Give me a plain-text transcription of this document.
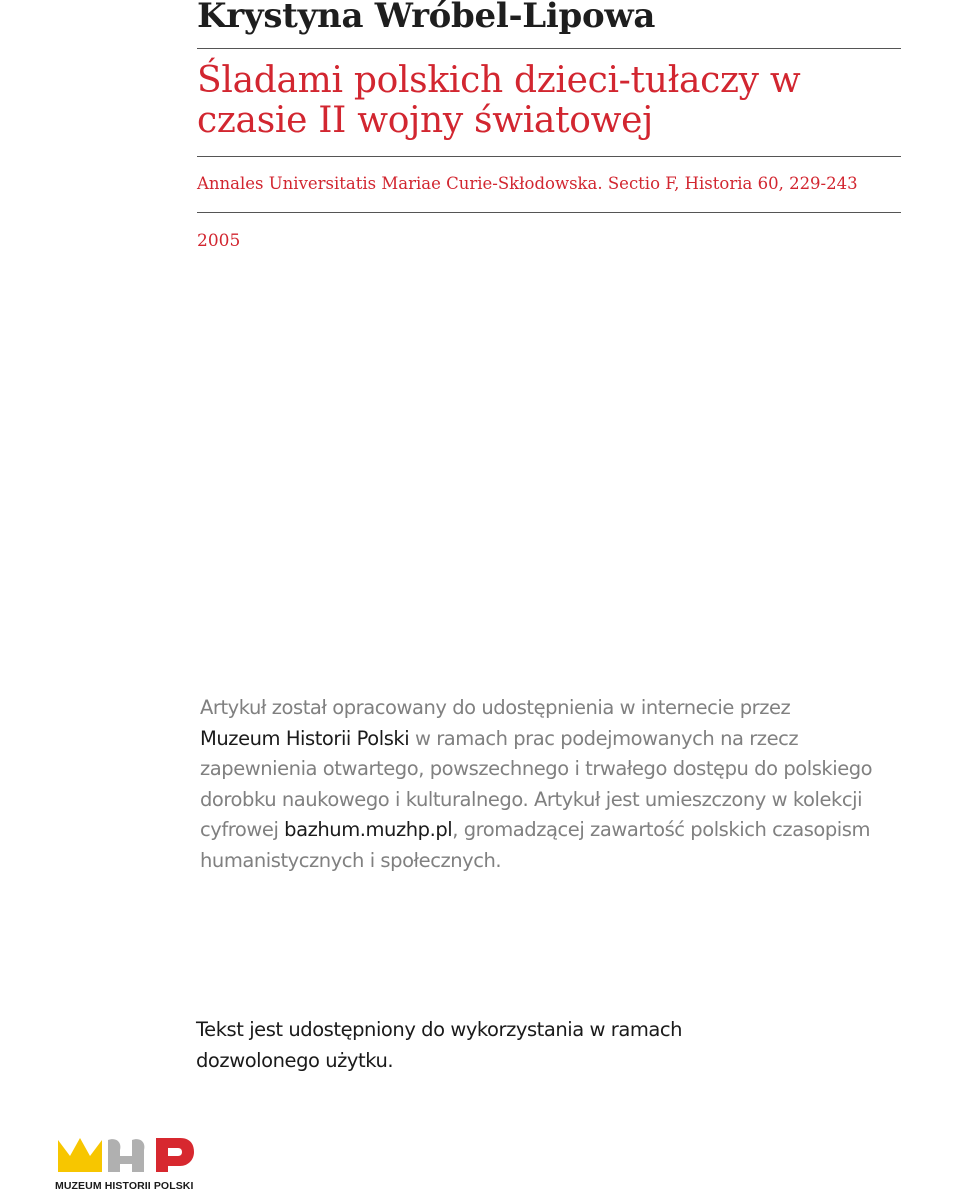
Krystyna Wróbel-Lipowa
Śladami polskich dzieci-tułaczy w
czasie II wojny światowej
Annales Universitatis Mariae Curie-Skłodowska. Sectio F, Historia 60, 229-243
2005

Artykuł został opracowany do udostępnienia w internecie przez
Muzeum Historii Polski w ramach prac podejmowanych na rzecz zapewnienia otwartego, powszechnego i trwałego dostępu do polskiego dorobku naukowego i kulturalnego. Artykuł jest umieszczony w kolekcji cyfrowej bazhum.muzhp.pl, gromadzącej zawartość polskich czasopism humanistycznych i społecznych.

Tekst jest udostępniony do wykorzystania w ramach
dozwolonego użytku.

MUZEUM HISTORII POLSKI
